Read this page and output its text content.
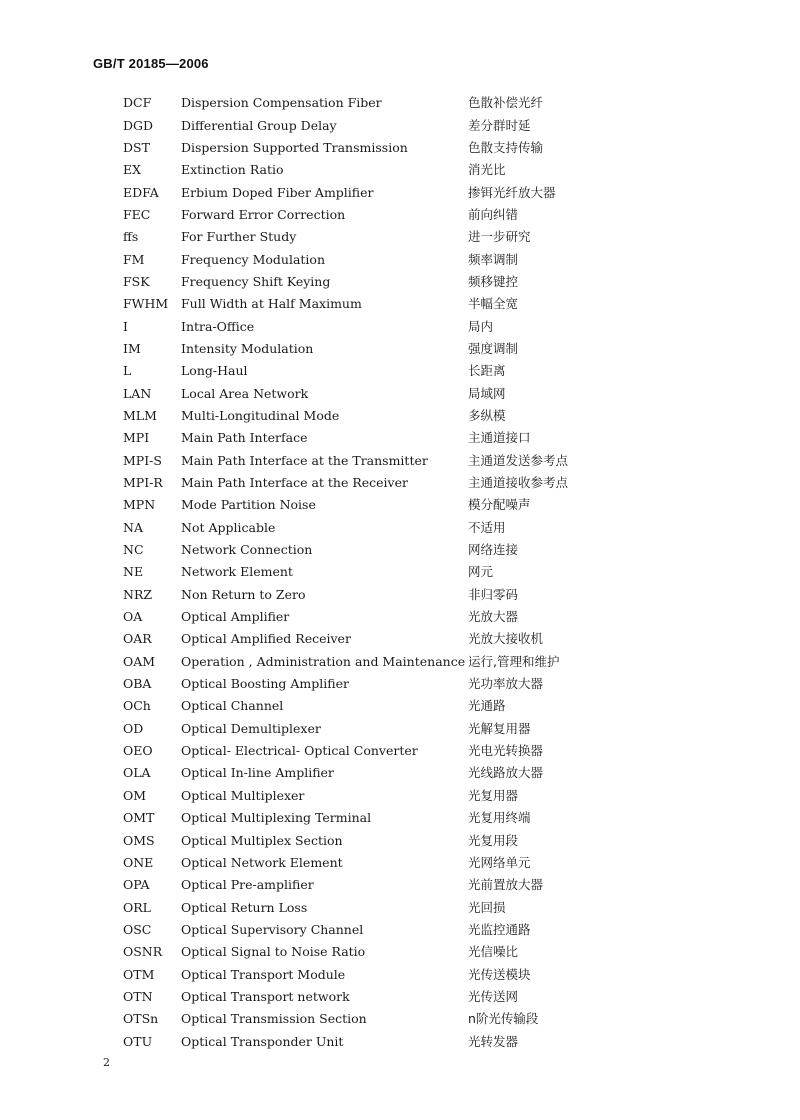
GB/T 20185—2006
DCF	Dispersion Compensation Fiber	色散补偿光纤
DGD	Differential Group Delay	差分群时延
DST	Dispersion Supported Transmission	色散支持传输
EX	Extinction Ratio	消光比
EDFA	Erbium Doped Fiber Amplifier	掺铒光纤放大器
FEC	Forward Error Correction	前向纠错
ffs	For Further Study	进一步研究
FM	Frequency Modulation	频率调制
FSK	Frequency Shift Keying	频移键控
FWHM	Full Width at Half Maximum	半幅全宽
I	Intra-Office	局内
IM	Intensity Modulation	强度调制
L	Long-Haul	长距离
LAN	Local Area Network	局域网
MLM	Multi-Longitudinal Mode	多纵模
MPI	Main Path Interface	主通道接口
MPI-S	Main Path Interface at the Transmitter	主通道发送参考点
MPI-R	Main Path Interface at the Receiver	主通道接收参考点
MPN	Mode Partition Noise	模分配噪声
NA	Not Applicable	不适用
NC	Network Connection	网络连接
NE	Network Element	网元
NRZ	Non Return to Zero	非归零码
OA	Optical Amplifier	光放大器
OAR	Optical Amplified Receiver	光放大接收机
OAM	Operation , Administration and Maintenance	运行,管理和维护
OBA	Optical Boosting Amplifier	光功率放大器
OCh	Optical Channel	光通路
OD	Optical Demultiplexer	光解复用器
OEO	Optical- Electrical- Optical Converter	光电光转换器
OLA	Optical In-line Amplifier	光线路放大器
OM	Optical Multiplexer	光复用器
OMT	Optical Multiplexing Terminal	光复用终端
OMS	Optical Multiplex Section	光复用段
ONE	Optical Network Element	光网络单元
OPA	Optical Pre-amplifier	光前置放大器
ORL	Optical Return Loss	光回损
OSC	Optical Supervisory Channel	光监控通路
OSNR	Optical Signal to Noise Ratio	光信噪比
OTM	Optical Transport Module	光传送模块
OTN	Optical Transport network	光传送网
OTSn	Optical Transmission Section	n阶光传输段
OTU	Optical Transponder Unit	光转发器
2
